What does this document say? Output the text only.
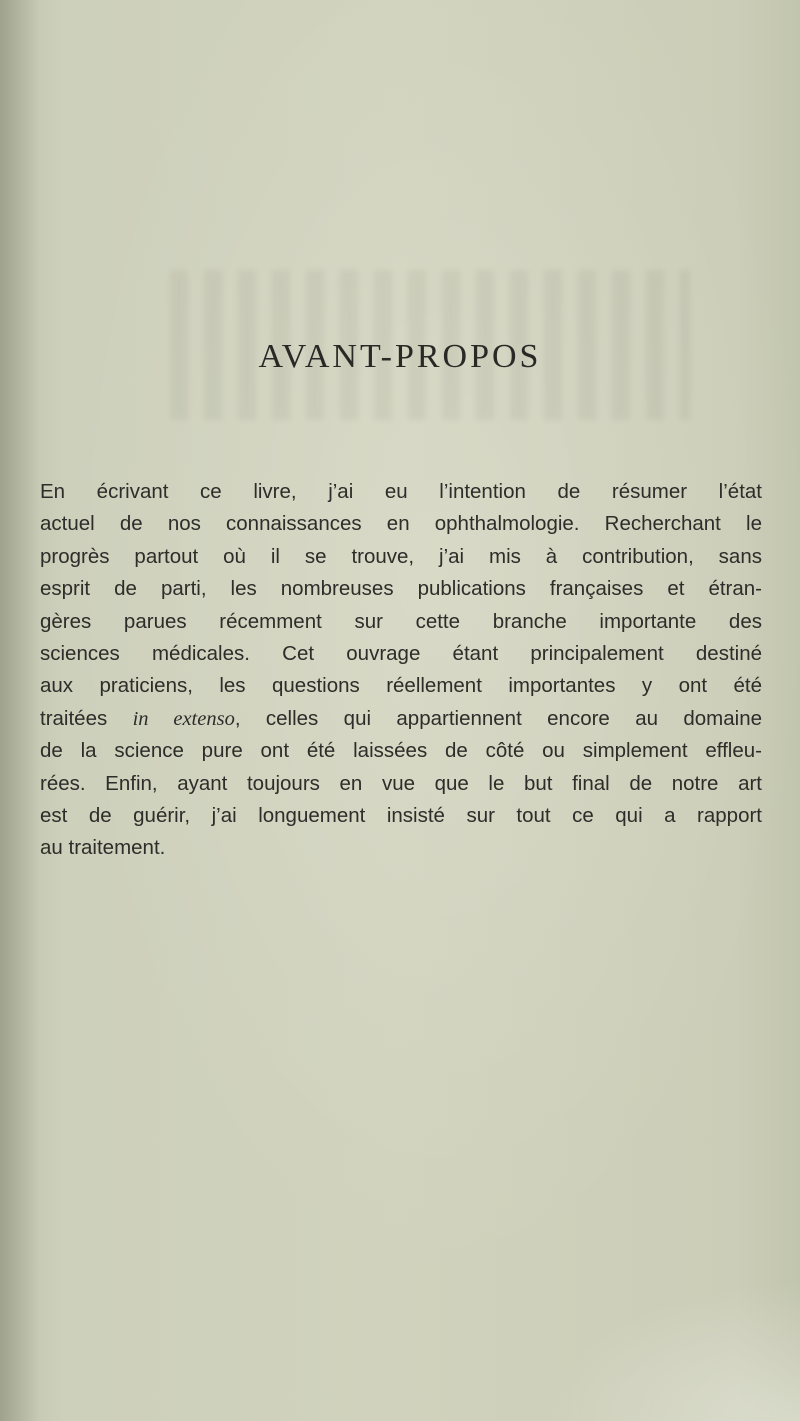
AVANT-PROPOS
En écrivant ce livre, j’ai eu l’intention de résumer l’état
actuel de nos connaissances en ophthalmologie. Recherchant le
progrès partout où il se trouve, j’ai mis à contribution, sans
esprit de parti, les nombreuses publications françaises et étran-
gères parues récemment sur cette branche importante des
sciences médicales. Cet ouvrage étant principalement destiné
aux praticiens, les questions réellement importantes y ont été
traitées in extenso, celles qui appartiennent encore au domaine
de la science pure ont été laissées de côté ou simplement effleu-
rées. Enfin, ayant toujours en vue que le but final de notre art
est de guérir, j’ai longuement insisté sur tout ce qui a rapport
au traitement.
